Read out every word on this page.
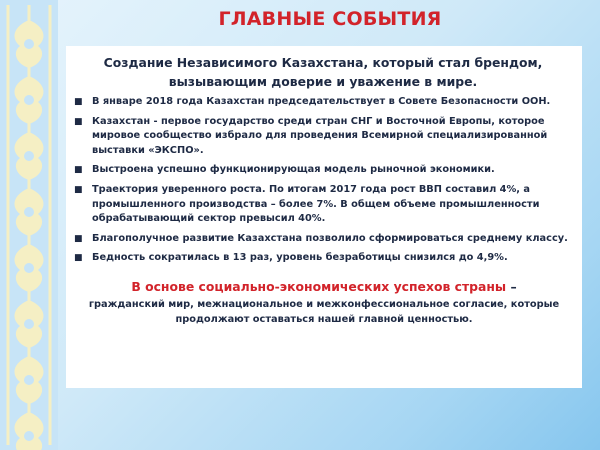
ГЛАВНЫЕ СОБЫТИЯ
Создание Независимого Казахстана, который стал брендом, вызывающим доверие и уважение в мире.
■ В январе 2018 года Казахстан председательствует в Совете Безопасности ООН.
■ Казахстан - первое государство среди стран СНГ и Восточной Европы, которое мировое сообщество избрало для проведения Всемирной специализированной выставки «ЭКСПО».
■ Выстроена успешно функционирующая модель рыночной экономики.
■ Траектория уверенного роста. По итогам 2017 года рост ВВП составил 4%, а промышленного производства – более 7%. В общем объеме промышленности обрабатывающий сектор превысил 40%.
■ Благополучное развитие Казахстана позволило сформироваться среднему классу.
■ Бедность сократилась в 13 раз, уровень безработицы снизился до 4,9%.
В основе социально-экономических успехов страны –
гражданский мир, межнациональное и межконфессиональное согласие, которые продолжают оставаться нашей главной ценностью.
